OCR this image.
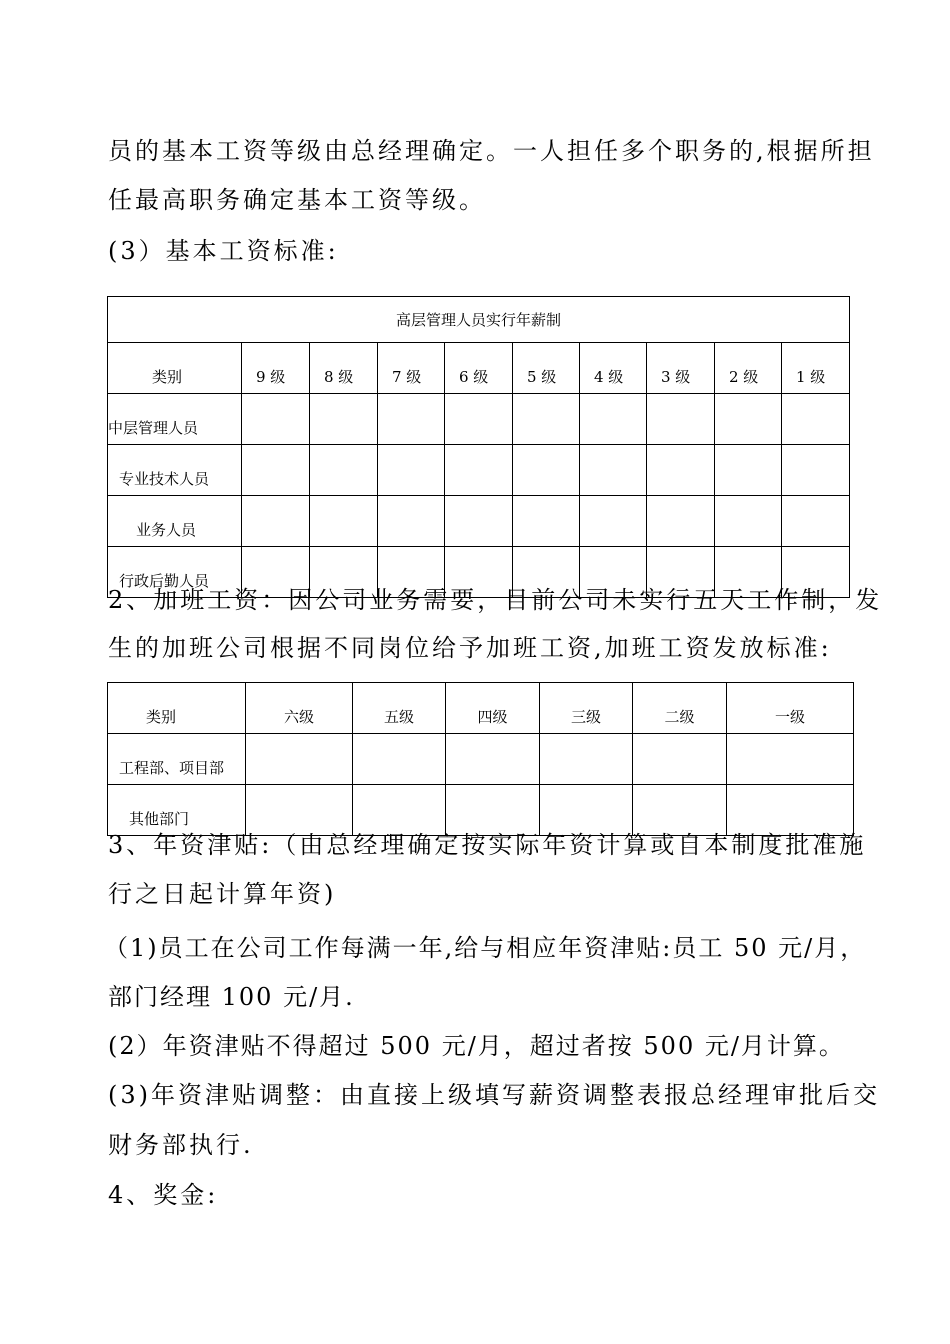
员的基本工资等级由总经理确定。一人担任多个职务的,根据所担
任最高职务确定基本工资等级。
(3）基本工资标准:
高层管理人员实行年薪制									
类别	9 级	8 级	7 级	6 级	5 级	4 级	3 级	2 级	1 级
中层管理人员									
专业技术人员									
业务人员									
行政后勤人员									
2、加班工资：因公司业务需要，目前公司未实行五天工作制，发
生的加班公司根据不同岗位给予加班工资,加班工资发放标准:
类别	六级	五级	四级	三级	二级	一级
工程部、项目部						
其他部门						
3、年资津贴:（由总经理确定按实际年资计算或自本制度批准施
行之日起计算年资)
（1)员工在公司工作每满一年,给与相应年资津贴:员工 50 元/月，
部门经理 100 元/月.
(2）年资津贴不得超过 500 元/月，超过者按 500 元/月计算。
(3)年资津贴调整：由直接上级填写薪资调整表报总经理审批后交
财务部执行.
4、奖金:
